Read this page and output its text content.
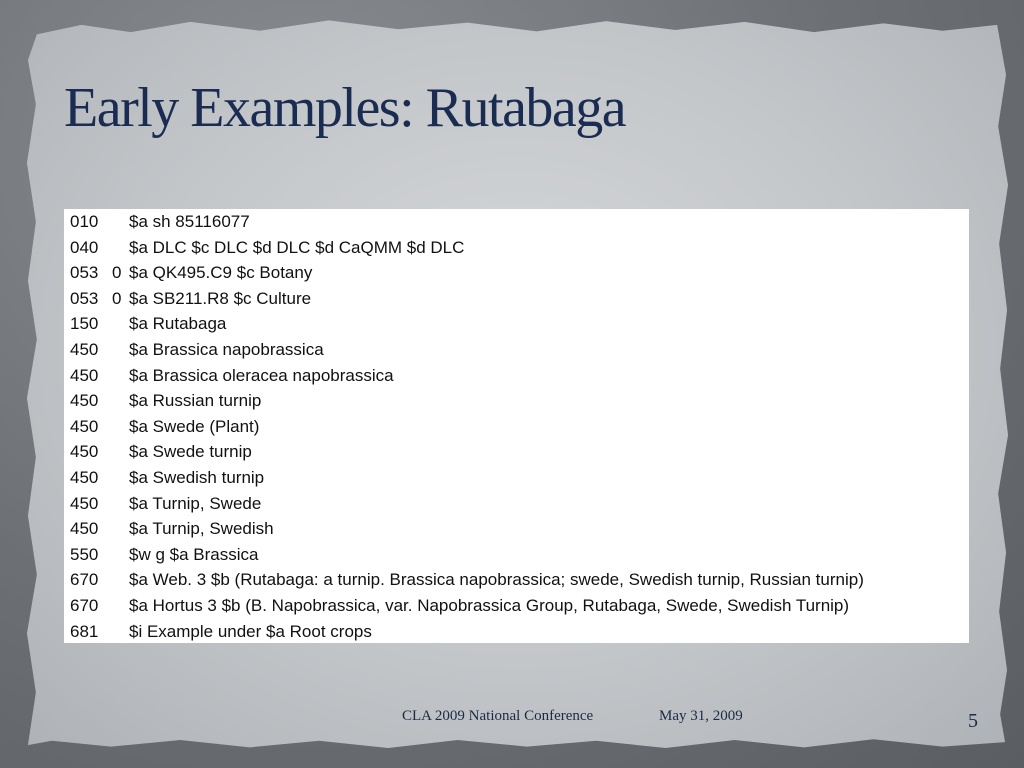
Early Examples: Rutabaga
010 $a sh 85116077
040 $a DLC $c DLC $d DLC $d CaQMM $d DLC
053 0 $a QK495.C9 $c Botany
053 0 $a SB211.R8 $c Culture
150 $a Rutabaga
450 $a Brassica napobrassica
450 $a Brassica oleracea napobrassica
450 $a Russian turnip
450 $a Swede (Plant)
450 $a Swede turnip
450 $a Swedish turnip
450 $a Turnip, Swede
450 $a Turnip, Swedish
550 $w g $a Brassica
670 $a Web. 3 $b (Rutabaga: a turnip. Brassica napobrassica; swede, Swedish turnip, Russian turnip)
670 $a Hortus 3 $b (B. Napobrassica, var. Napobrassica Group, Rutabaga, Swede, Swedish Turnip)
681 $i Example under $a Root crops
CLA 2009 National Conference	May 31, 2009	5
